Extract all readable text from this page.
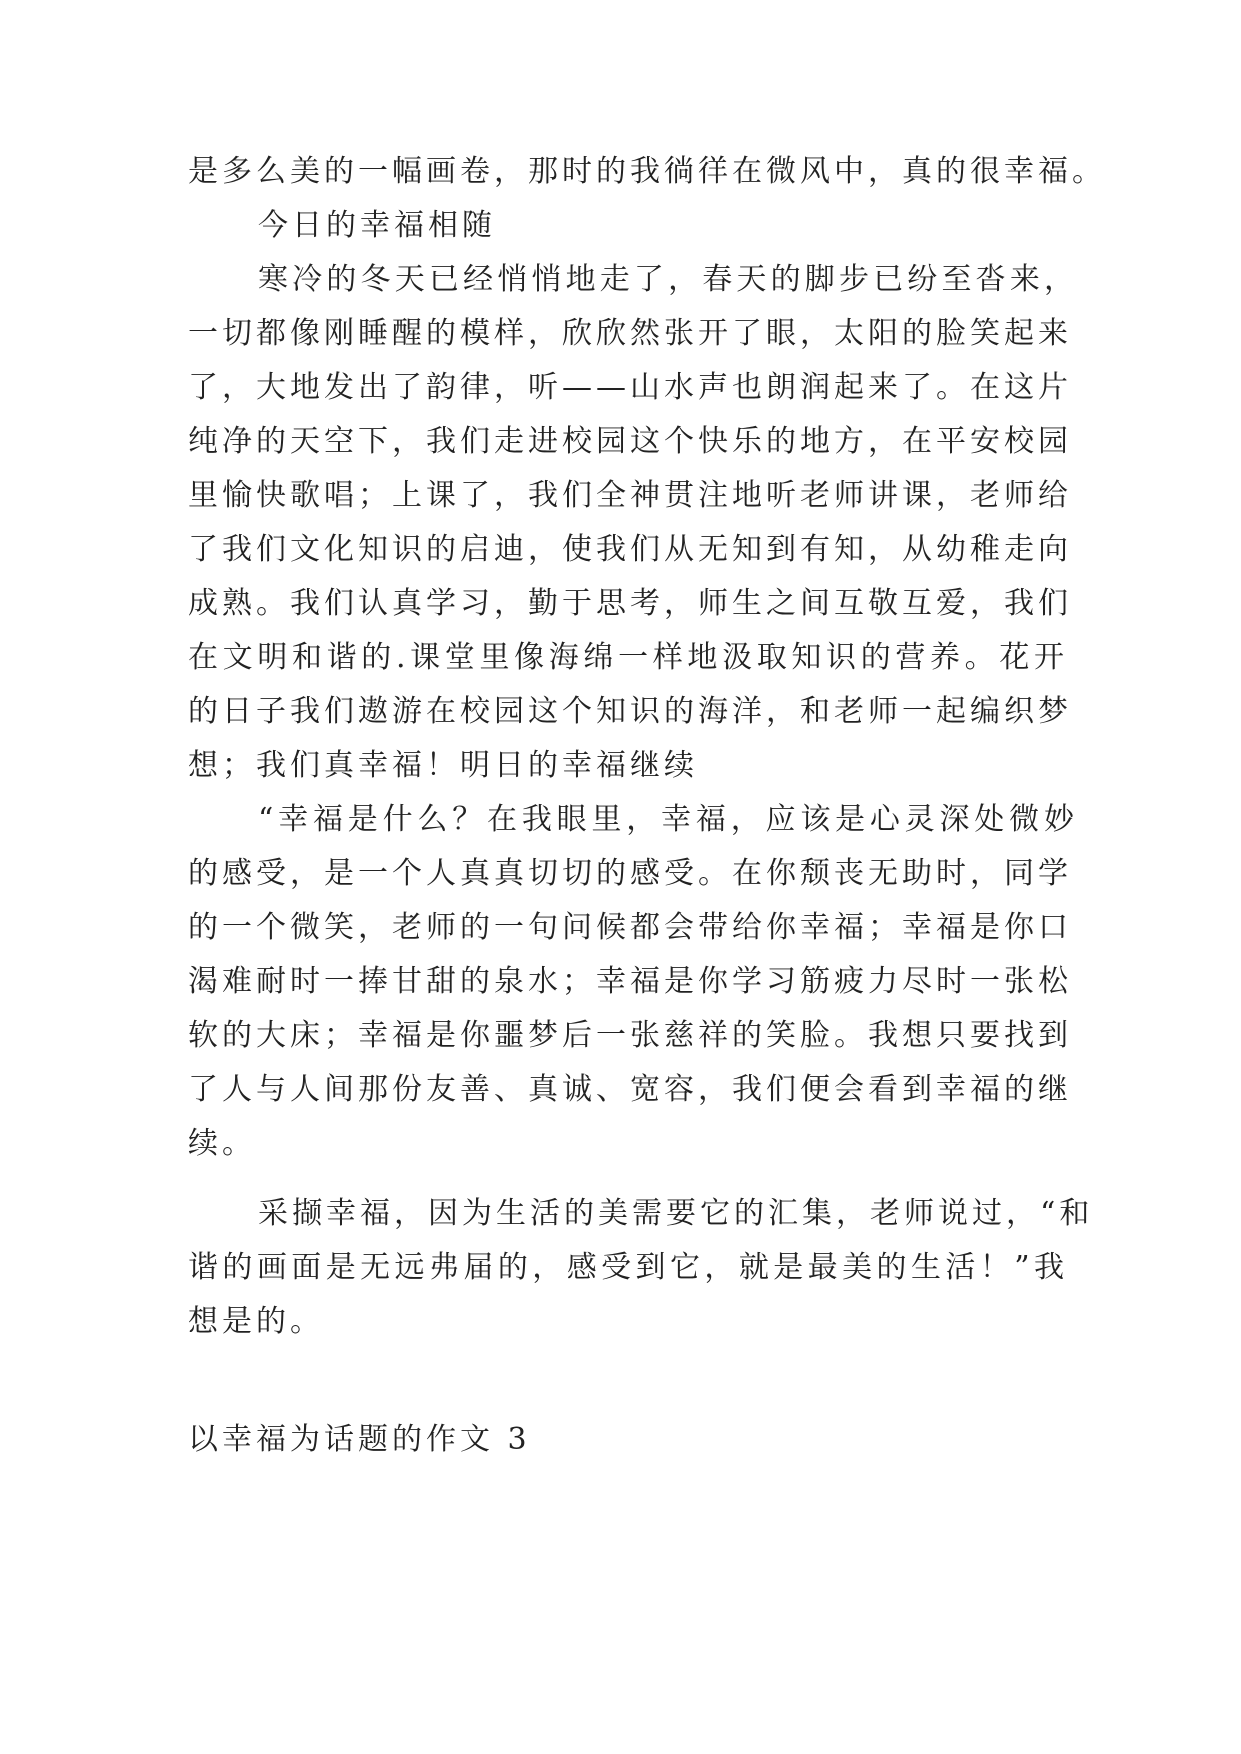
是多么美的一幅画卷，那时的我徜徉在微风中，真的很幸福。
今日的幸福相随
寒冷的冬天已经悄悄地走了，春天的脚步已纷至沓来，
一切都像刚睡醒的模样，欣欣然张开了眼，太阳的脸笑起来
了，大地发出了韵律，听——山水声也朗润起来了。在这片
纯净的天空下，我们走进校园这个快乐的地方，在平安校园
里愉快歌唱；上课了，我们全神贯注地听老师讲课，老师给
了我们文化知识的启迪，使我们从无知到有知，从幼稚走向
成熟。我们认真学习，勤于思考，师生之间互敬互爱，我们
在文明和谐的.课堂里像海绵一样地汲取知识的营养。花开
的日子我们遨游在校园这个知识的海洋，和老师一起编织梦
想；我们真幸福！明日的幸福继续
“幸福是什么？在我眼里，幸福，应该是心灵深处微妙
的感受，是一个人真真切切的感受。在你颓丧无助时，同学
的一个微笑，老师的一句问候都会带给你幸福；幸福是你口
渴难耐时一捧甘甜的泉水；幸福是你学习筋疲力尽时一张松
软的大床；幸福是你噩梦后一张慈祥的笑脸。我想只要找到
了人与人间那份友善、真诚、宽容，我们便会看到幸福的继
续。
采撷幸福，因为生活的美需要它的汇集，老师说过，“和
谐的画面是无远弗届的，感受到它，就是最美的生活！”我
想是的。
以幸福为话题的作文 3
